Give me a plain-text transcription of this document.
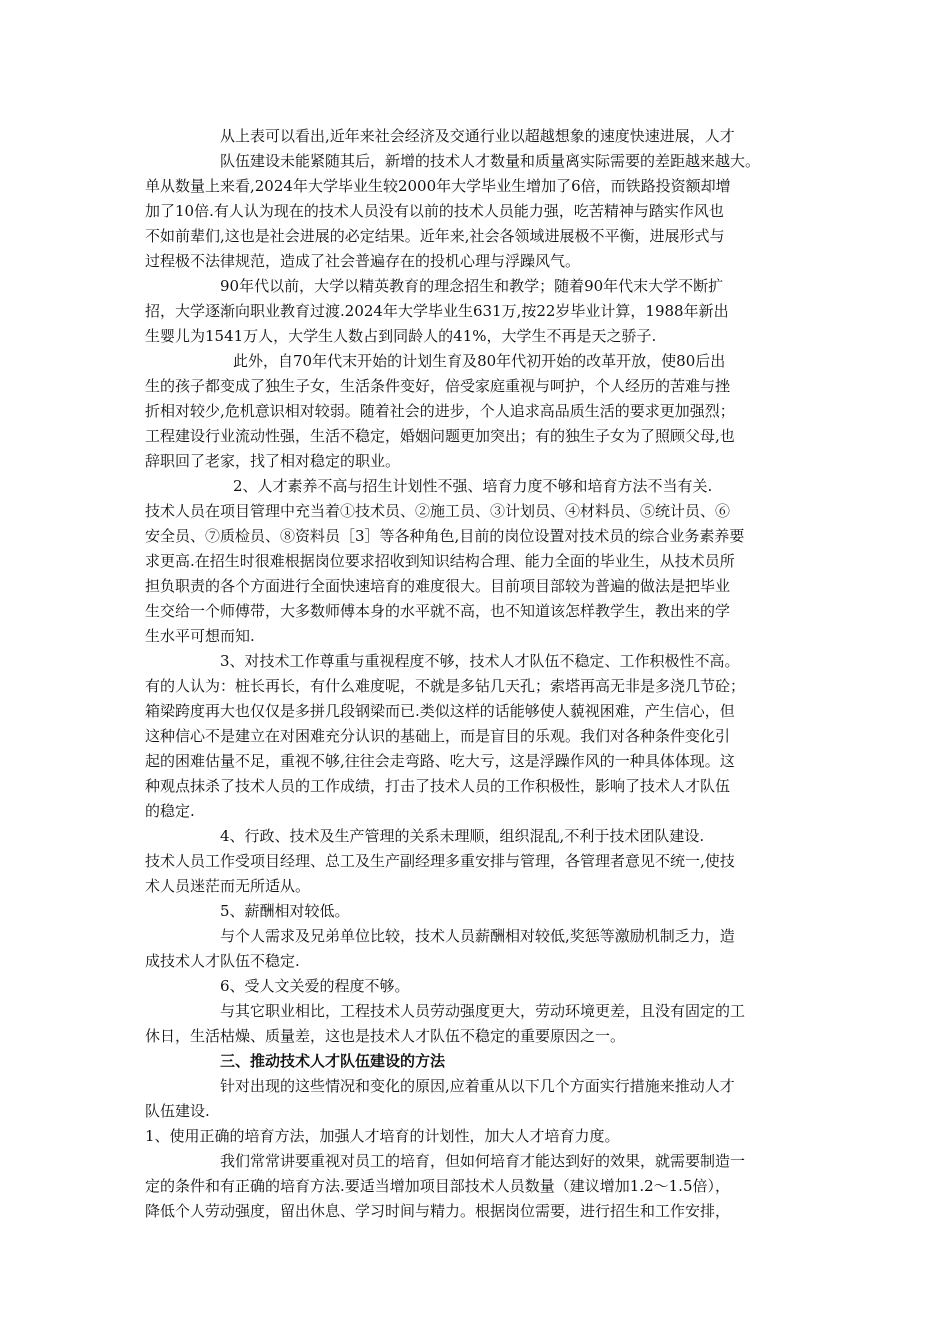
从上表可以看出,近年来社会经济及交通行业以超越想象的速度快速进展，人才
队伍建设未能紧随其后，新增的技术人才数量和质量离实际需要的差距越来越大。
单从数量上来看,2024年大学毕业生较2000年大学毕业生增加了6倍，而铁路投资额却增
加了10倍.有人认为现在的技术人员没有以前的技术人员能力强，吃苦精神与踏实作风也
不如前辈们,这也是社会进展的必定结果。近年来,社会各领域进展极不平衡，进展形式与
过程极不法律规范，造成了社会普遍存在的投机心理与浮躁风气。
90年代以前，大学以精英教育的理念招生和教学；随着90年代末大学不断扩
招，大学逐渐向职业教育过渡.2024年大学毕业生631万,按22岁毕业计算，1988年新出
生婴儿为1541万人，大学生人数占到同龄人的41%，大学生不再是天之骄子.
此外，自70年代末开始的计划生育及80年代初开始的改革开放，使80后出
生的孩子都变成了独生子女，生活条件变好，倍受家庭重视与呵护，个人经历的苦难与挫
折相对较少,危机意识相对较弱。随着社会的进步，个人追求高品质生活的要求更加强烈；
工程建设行业流动性强，生活不稳定，婚姻问题更加突出；有的独生子女为了照顾父母,也
辞职回了老家，找了相对稳定的职业。
2、人才素养不高与招生计划性不强、培育力度不够和培育方法不当有关.
技术人员在项目管理中充当着①技术员、②施工员、③计划员、④材料员、⑤统计员、⑥
安全员、⑦质检员、⑧资料员［3］等各种角色,目前的岗位设置对技术员的综合业务素养要
求更高.在招生时很难根据岗位要求招收到知识结构合理、能力全面的毕业生，从技术员所
担负职责的各个方面进行全面快速培育的难度很大。目前项目部较为普遍的做法是把毕业
生交给一个师傅带，大多数师傅本身的水平就不高，也不知道该怎样教学生，教出来的学
生水平可想而知.
3、对技术工作尊重与重视程度不够，技术人才队伍不稳定、工作积极性不高。
有的人认为：桩长再长，有什么难度呢，不就是多钻几天孔；索塔再高无非是多浇几节砼；
箱梁跨度再大也仅仅是多拼几段钢梁而已.类似这样的话能够使人藐视困难，产生信心，但
这种信心不是建立在对困难充分认识的基础上，而是盲目的乐观。我们对各种条件变化引
起的困难估量不足，重视不够,往往会走弯路、吃大亏，这是浮躁作风的一种具体体现。这
种观点抹杀了技术人员的工作成绩，打击了技术人员的工作积极性，影响了技术人才队伍
的稳定.
4、行政、技术及生产管理的关系未理顺，组织混乱,不利于技术团队建设.
技术人员工作受项目经理、总工及生产副经理多重安排与管理，各管理者意见不统一,使技
术人员迷茫而无所适从。
5、薪酬相对较低。
与个人需求及兄弟单位比较，技术人员薪酬相对较低,奖惩等激励机制乏力，造
成技术人才队伍不稳定.
6、受人文关爱的程度不够。
与其它职业相比，工程技术人员劳动强度更大，劳动环境更差，且没有固定的工
休日，生活枯燥、质量差，这也是技术人才队伍不稳定的重要原因之一。
三、推动技术人才队伍建设的方法
针对出现的这些情况和变化的原因,应着重从以下几个方面实行措施来推动人才
队伍建设.
1、使用正确的培育方法，加强人才培育的计划性，加大人才培育力度。
我们常常讲要重视对员工的培育，但如何培育才能达到好的效果，就需要制造一
定的条件和有正确的培育方法.要适当增加项目部技术人员数量（建议增加1.2～1.5倍），
降低个人劳动强度，留出休息、学习时间与精力。根据岗位需要，进行招生和工作安排，
